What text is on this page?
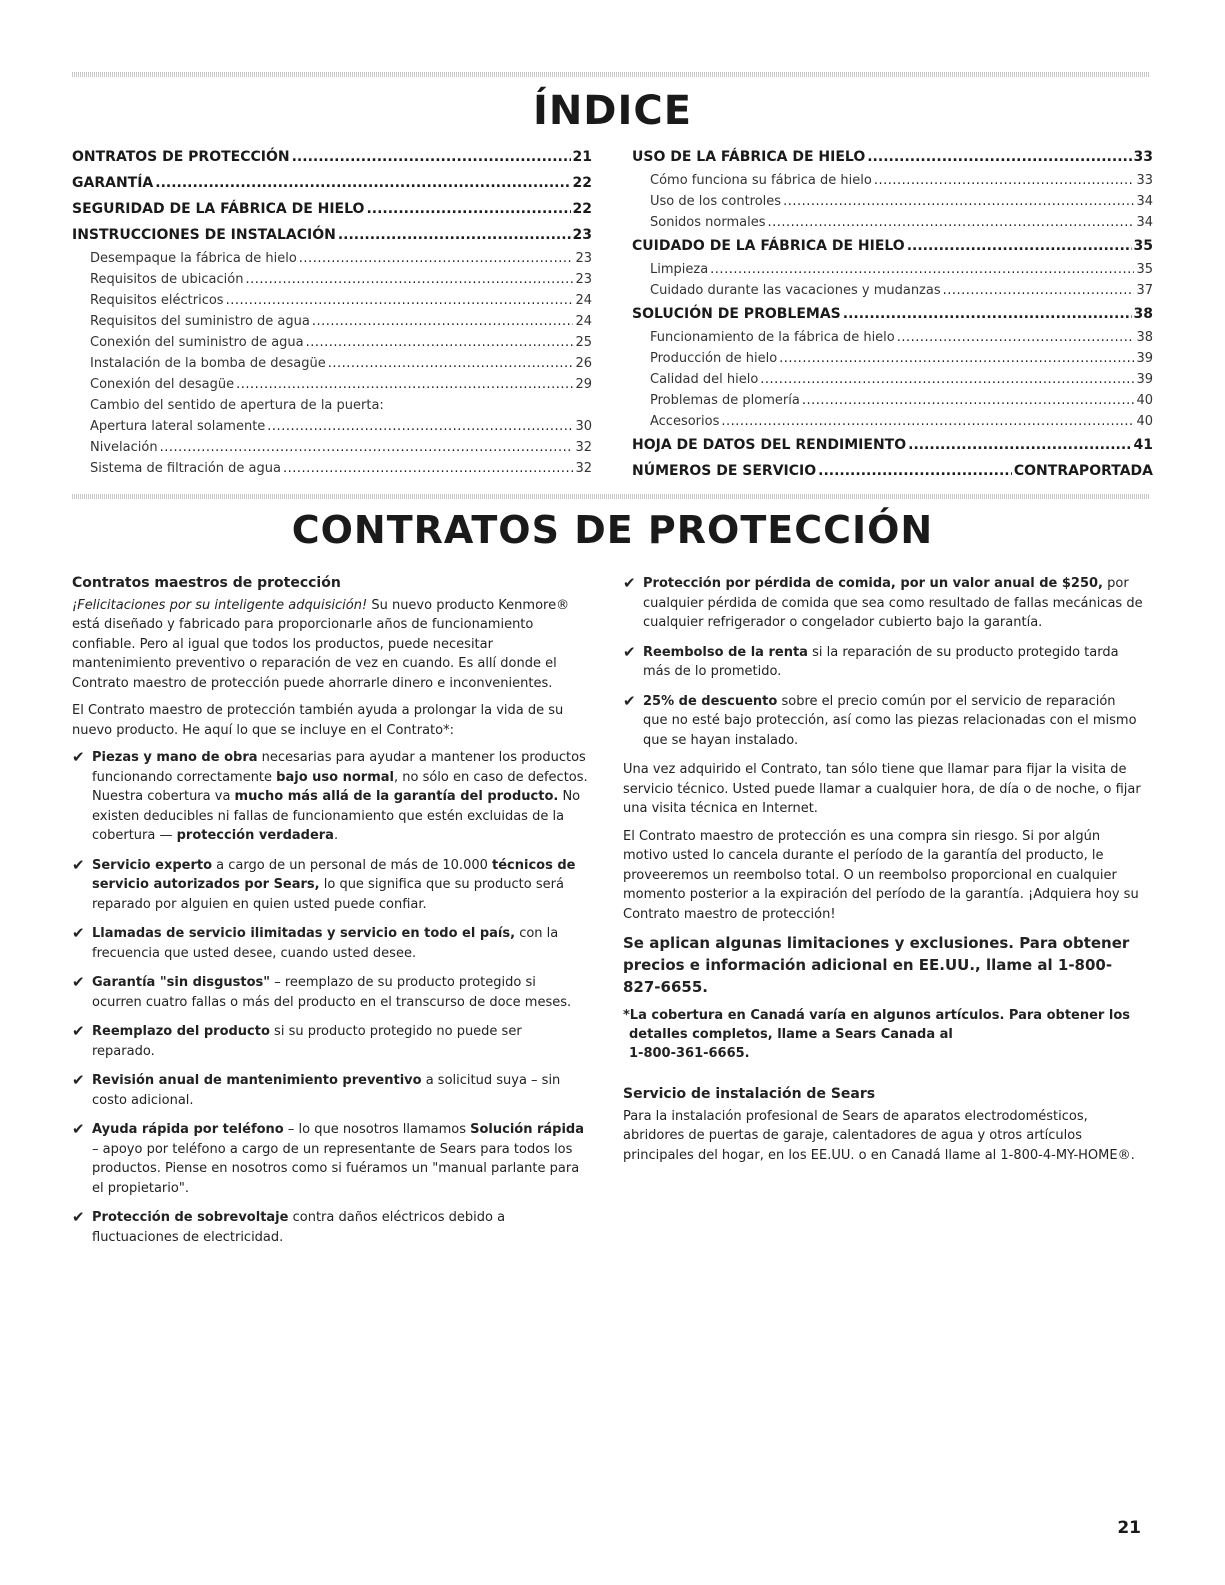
ÍNDICE
ONTRATOS DE PROTECCIÓN .....	21
GARANTÍA .....	22
SEGURIDAD DE LA FÁBRICA DE HIELO .....	22
INSTRUCCIONES DE INSTALACIÓN .....	23
Desempaque la fábrica de hielo .....	23
Requisitos de ubicación .....	23
Requisitos eléctricos .....	24
Requisitos del suministro de agua .....	24
Conexión del suministro de agua .....	25
Instalación de la bomba de desagüe .....	26
Conexión del desagüe .....	29
Cambio del sentido de apertura de la puerta:
Apertura lateral solamente .....	30
Nivelación .....	32
Sistema de filtración de agua .....	32
USO DE LA FÁBRICA DE HIELO .....	33
Cómo funciona su fábrica de hielo .....	33
Uso de los controles .....	34
Sonidos normales .....	34
CUIDADO DE LA FÁBRICA DE HIELO .....	35
Limpieza .....	35
Cuidado durante las vacaciones y mudanzas .....	37
SOLUCIÓN DE PROBLEMAS .....	38
Funcionamiento de la fábrica de hielo .....	38
Producción de hielo .....	39
Calidad del hielo .....	39
Problemas de plomería .....	40
Accesorios .....	40
HOJA DE DATOS DEL RENDIMIENTO .....	41
NÚMEROS DE SERVICIO .....	CONTRAPORTADA
CONTRATOS DE PROTECCIÓN
Contratos maestros de protección

¡Felicitaciones por su inteligente adquisición! Su nuevo producto Kenmore® está diseñado y fabricado para proporcionarle años de funcionamiento confiable. Pero al igual que todos los productos, puede necesitar mantenimiento preventivo o reparación de vez en cuando. Es allí donde el Contrato maestro de protección puede ahorrarle dinero e inconvenientes.

El Contrato maestro de protección también ayuda a prolongar la vida de su nuevo producto. He aquí lo que se incluye en el Contrato*:

✔ Piezas y mano de obra necesarias para ayudar a mantener los productos funcionando correctamente bajo uso normal, no sólo en caso de defectos. Nuestra cobertura va mucho más allá de la garantía del producto. No existen deducibles ni fallas de funcionamiento que estén excluidas de la cobertura — protección verdadera.
✔ Servicio experto a cargo de un personal de más de 10.000 técnicos de servicio autorizados por Sears, lo que significa que su producto será reparado por alguien en quien usted puede confiar.
✔ Llamadas de servicio ilimitadas y servicio en todo el país, con la frecuencia que usted desee, cuando usted desee.
✔ Garantía "sin disgustos" – reemplazo de su producto protegido si ocurren cuatro fallas o más del producto en el transcurso de doce meses.
✔ Reemplazo del producto si su producto protegido no puede ser reparado.
✔ Revisión anual de mantenimiento preventivo a solicitud suya – sin costo adicional.
✔ Ayuda rápida por teléfono – lo que nosotros llamamos Solución rápida – apoyo por teléfono a cargo de un representante de Sears para todos los productos. Piense en nosotros como si fuéramos un "manual parlante para el propietario".
✔ Protección de sobrevoltaje contra daños eléctricos debido a fluctuaciones de electricidad.
✔ Protección por pérdida de comida, por un valor anual de $250, por cualquier pérdida de comida que sea como resultado de fallas mecánicas de cualquier refrigerador o congelador cubierto bajo la garantía.
✔ Reembolso de la renta si la reparación de su producto protegido tarda más de lo prometido.
✔ 25% de descuento sobre el precio común por el servicio de reparación que no esté bajo protección, así como las piezas relacionadas con el mismo que se hayan instalado.

Una vez adquirido el Contrato, tan sólo tiene que llamar para fijar la visita de servicio técnico. Usted puede llamar a cualquier hora, de día o de noche, o fijar una visita técnica en Internet.

El Contrato maestro de protección es una compra sin riesgo. Si por algún motivo usted lo cancela durante el período de la garantía del producto, le proveeremos un reembolso total. O un reembolso proporcional en cualquier momento posterior a la expiración del período de la garantía. ¡Adquiera hoy su Contrato maestro de protección!

Se aplican algunas limitaciones y exclusiones. Para obtener precios e información adicional en EE.UU., llame al 1-800-827-6655.
*La cobertura en Canadá varía en algunos artículos. Para obtener los
detalles completos, llame a Sears Canada al
1-800-361-6665.
Servicio de instalación de Sears

Para la instalación profesional de Sears de aparatos electrodomésticos, abridores de puertas de garaje, calentadores de agua y otros artículos principales del hogar, en los EE.UU. o en Canadá llame al 1-800-4-MY-HOME®.

21
